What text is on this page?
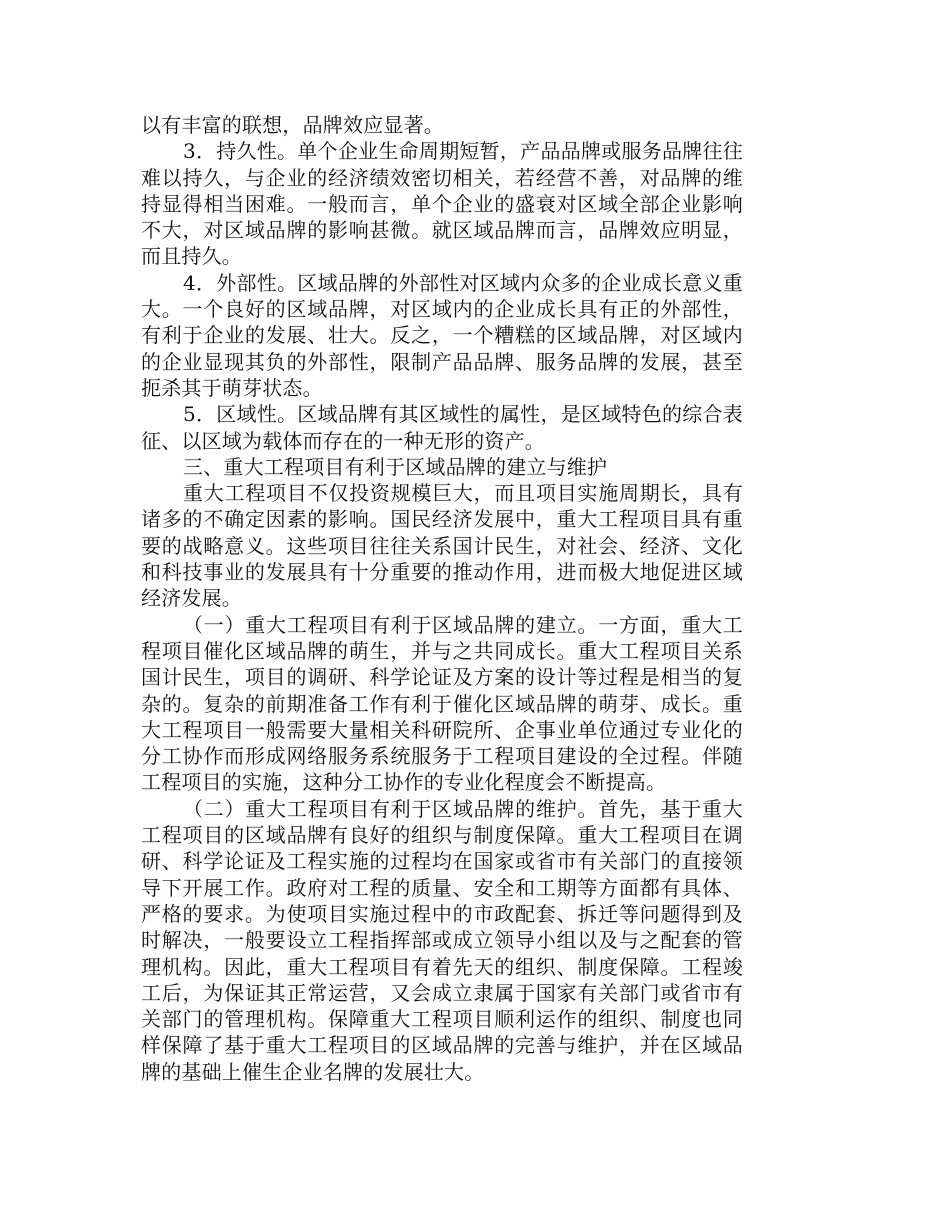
以有丰富的联想，品牌效应显著。

3．持久性。单个企业生命周期短暂，产品品牌或服务品牌往往难以持久，与企业的经济绩效密切相关，若经营不善，对品牌的维持显得相当困难。一般而言，单个企业的盛衰对区域全部企业影响不大，对区域品牌的影响甚微。就区域品牌而言，品牌效应明显，而且持久。

4．外部性。区域品牌的外部性对区域内众多的企业成长意义重大。一个良好的区域品牌，对区域内的企业成长具有正的外部性，有利于企业的发展、壮大。反之，一个糟糕的区域品牌，对区域内的企业显现其负的外部性，限制产品品牌、服务品牌的发展，甚至扼杀其于萌芽状态。

5．区域性。区域品牌有其区域性的属性，是区域特色的综合表征、以区域为载体而存在的一种无形的资产。

三、重大工程项目有利于区域品牌的建立与维护

重大工程项目不仅投资规模巨大，而且项目实施周期长，具有诸多的不确定因素的影响。国民经济发展中，重大工程项目具有重要的战略意义。这些项目往往关系国计民生，对社会、经济、文化和科技事业的发展具有十分重要的推动作用，进而极大地促进区域经济发展。

（一）重大工程项目有利于区域品牌的建立。一方面，重大工程项目催化区域品牌的萌生，并与之共同成长。重大工程项目关系国计民生，项目的调研、科学论证及方案的设计等过程是相当的复杂的。复杂的前期准备工作有利于催化区域品牌的萌芽、成长。重大工程项目一般需要大量相关科研院所、企事业单位通过专业化的分工协作而形成网络服务系统服务于工程项目建设的全过程。伴随工程项目的实施，这种分工协作的专业化程度会不断提高。

（二）重大工程项目有利于区域品牌的维护。首先，基于重大工程项目的区域品牌有良好的组织与制度保障。重大工程项目在调研、科学论证及工程实施的过程均在国家或省市有关部门的直接领导下开展工作。政府对工程的质量、安全和工期等方面都有具体、严格的要求。为使项目实施过程中的市政配套、拆迁等问题得到及时解决，一般要设立工程指挥部或成立领导小组以及与之配套的管理机构。因此，重大工程项目有着先天的组织、制度保障。工程竣工后，为保证其正常运营，又会成立隶属于国家有关部门或省市有关部门的管理机构。保障重大工程项目顺利运作的组织、制度也同样保障了基于重大工程项目的区域品牌的完善与维护，并在区域品牌的基础上催生企业名牌的发展壮大。
